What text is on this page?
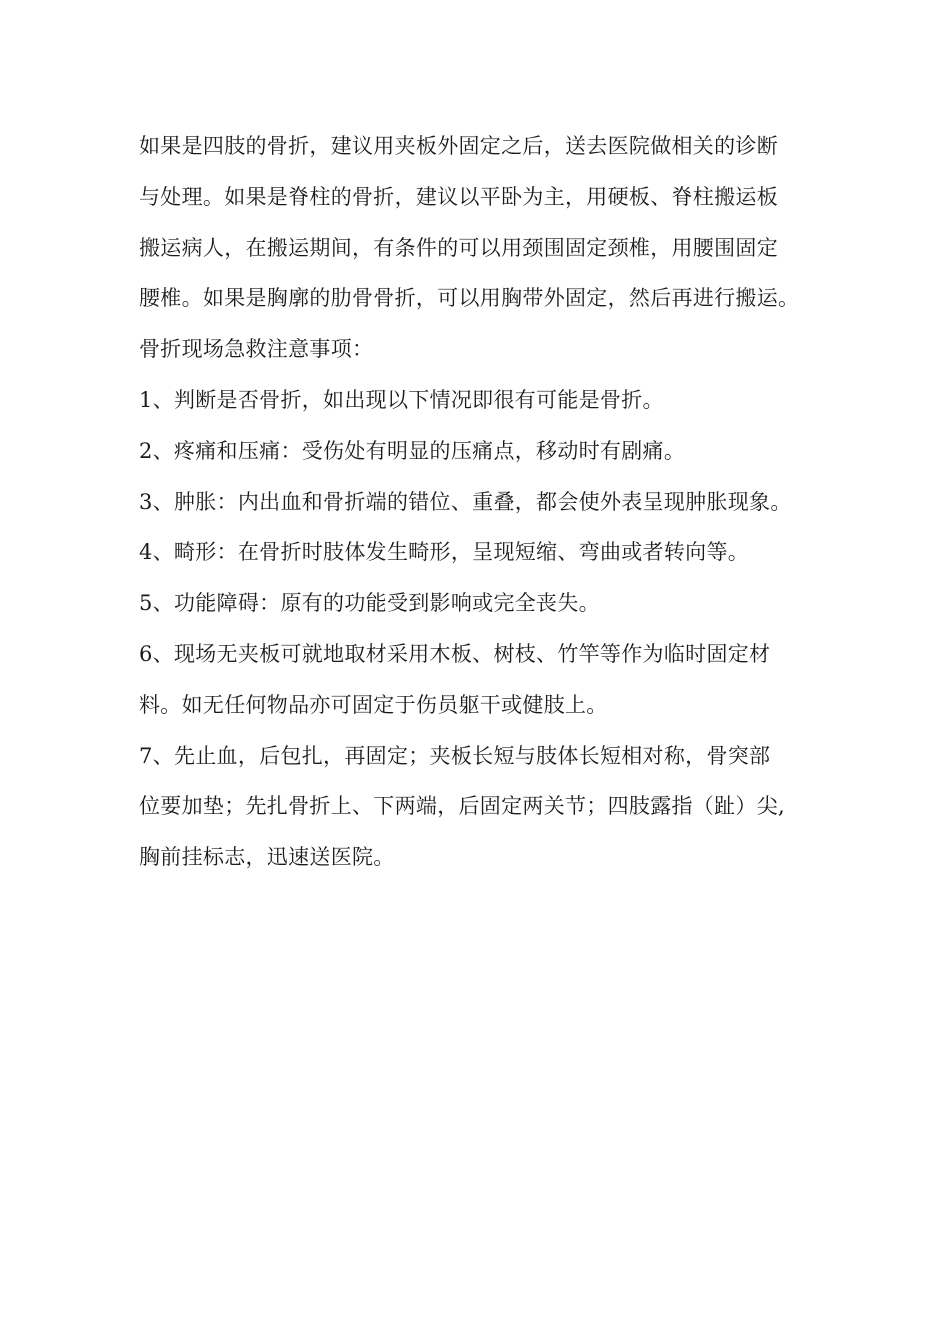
如果是四肢的骨折，建议用夹板外固定之后，送去医院做相关的诊断
与处理。如果是脊柱的骨折，建议以平卧为主，用硬板、脊柱搬运板
搬运病人，在搬运期间，有条件的可以用颈围固定颈椎，用腰围固定
腰椎。如果是胸廓的肋骨骨折，可以用胸带外固定，然后再进行搬运。
骨折现场急救注意事项：
1、判断是否骨折，如出现以下情况即很有可能是骨折。
2、疼痛和压痛：受伤处有明显的压痛点，移动时有剧痛。
3、肿胀：内出血和骨折端的错位、重叠，都会使外表呈现肿胀现象。
4、畸形：在骨折时肢体发生畸形，呈现短缩、弯曲或者转向等。
5、功能障碍：原有的功能受到影响或完全丧失。
6、现场无夹板可就地取材采用木板、树枝、竹竿等作为临时固定材
料。如无任何物品亦可固定于伤员躯干或健肢上。
7、先止血，后包扎，再固定；夹板长短与肢体长短相对称，骨突部
位要加垫；先扎骨折上、下两端，后固定两关节；四肢露指（趾）尖,
胸前挂标志，迅速送医院。
